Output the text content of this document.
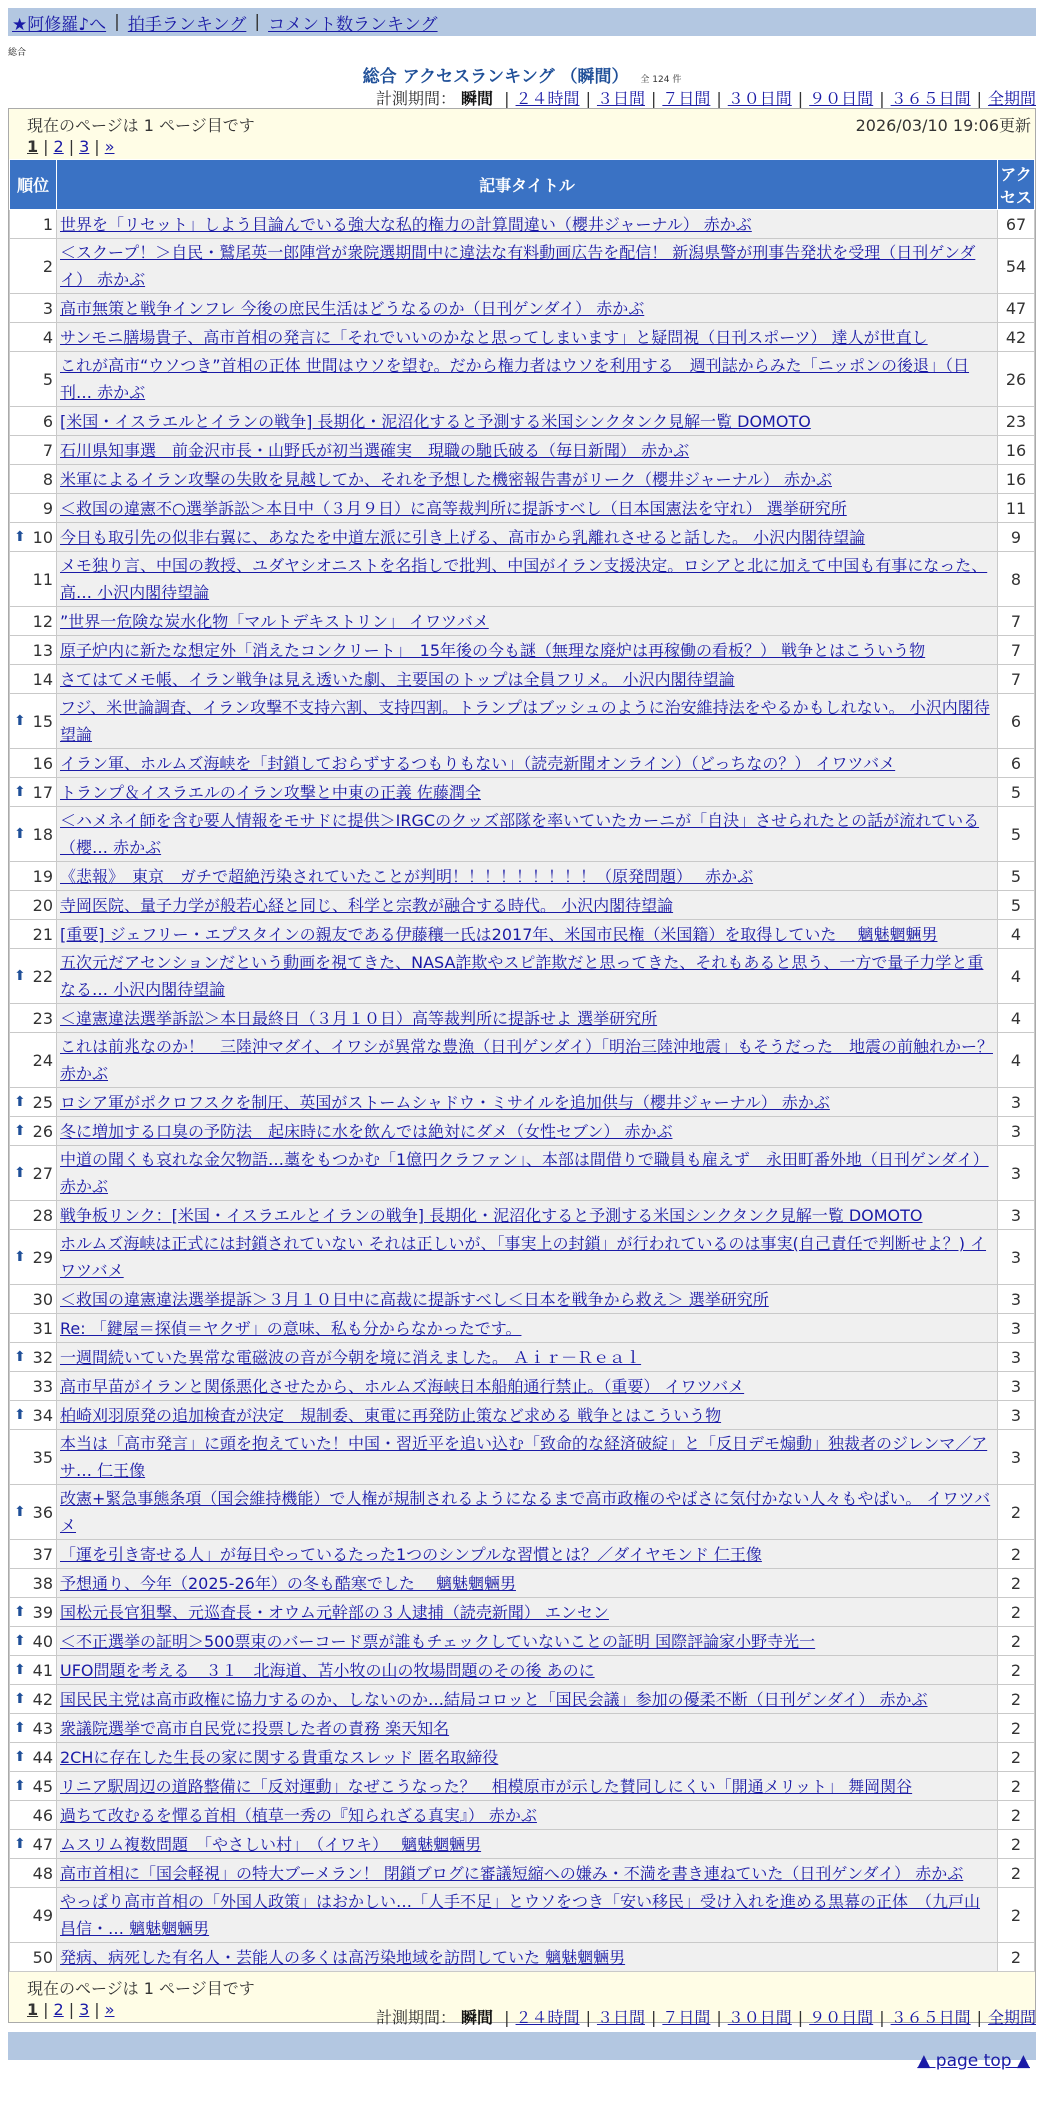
★阿修羅♪へ | 拍手ランキング | コメント数ランキング
総合
総合 アクセスランキング （瞬間） 全 124 件
計測期間： 瞬間 | ２４時間 | ３日間 | ７日間 | ３０日間 | ９０日間 | ３６５日間 | 全期間
現在のページは 1 ページ目です	2026/03/10 19:06更新
1 | 2 | 3 | »
順位	記事タイトル	アクセス
1	世界を「リセット」しよう目論んでいる強大な私的権力の計算間違い（櫻井ジャーナル） 赤かぶ	67
2	＜スクープ！＞自民・鷲尾英一郎陣営が衆院選期間中に違法な有料動画広告を配信！ 新潟県警が刑事告発状を受理（日刊ゲンダイ） 赤かぶ	54
3	高市無策と戦争インフレ 今後の庶民生活はどうなるのか（日刊ゲンダイ） 赤かぶ	47
4	サンモニ膳場貴子、高市首相の発言に「それでいいのかなと思ってしまいます」と疑問視（日刊スポーツ） 達人が世直し	42
5	これが高市“ウソつき”首相の正体 世間はウソを望む。だから権力者はウソを利用する　週刊誌からみた「ニッポンの後退」（日刊… 赤かぶ	26
6	[米国・イスラエルとイランの戦争] 長期化・泥沼化すると予測する米国シンクタンク見解一覧 DOMOTO	23
7	石川県知事選　前金沢市長・山野氏が初当選確実　現職の馳氏破る（毎日新聞） 赤かぶ	16
8	米軍によるイラン攻撃の失敗を見越してか、それを予想した機密報告書がリーク（櫻井ジャーナル） 赤かぶ	16
9	＜救国の違憲不○選挙訴訟＞本日中（３月９日）に高等裁判所に提訴すべし（日本国憲法を守れ） 選挙研究所	11

⬆ 10	今日も取引先の似非右翼に、あなたを中道左派に引き上げる、高市から乳離れさせると話した。 小沢内閣待望論	9
11	メモ独り言、中国の教授、ユダヤシオニストを名指しで批判、中国がイラン支援決定。ロシアと北に加えて中国も有事になった、高… 小沢内閣待望論	8
12	”世界一危険な炭水化物「マルトデキストリン」 イワツバメ	7
13	原子炉内に新たな想定外「消えたコンクリート」　15年後の今も謎（無理な廃炉は再稼働の看板？） 戦争とはこういう物	7
14	さてはてメモ帳、イラン戦争は見え透いた劇、主要国のトップは全員フリメ。 小沢内閣待望論	7

⬆ 15	フジ、米世論調査、イラン攻撃不支持六割、支持四割。トランプはブッシュのように治安維持法をやるかもしれない。 小沢内閣待望論	6
16	イラン軍、ホルムズ海峡を「封鎖しておらずするつもりもない」（読売新聞オンライン）（どっちなの？） イワツバメ	6

⬆ 17	トランプ＆イスラエルのイラン攻撃と中東の正義 佐藤潤全	5

⬆ 18	＜ハメネイ師を含む要人情報をモサドに提供＞IRGCのクッズ部隊を率いていたカーニが「自決」させられたとの話が流れている（櫻… 赤かぶ	5
19	《悲報》　東京　ガチで超絶汚染されていたことが判明！！！！！！！！！（原発問題）　 赤かぶ	5
20	寺岡医院、量子力学が般若心経と同じ、科学と宗教が融合する時代。 小沢内閣待望論	5
21	[重要] ジェフリー・エプスタインの親友である伊藤穰一氏は2017年、米国市民権（米国籍）を取得していた　 魑魅魍魎男	4

⬆ 22	五次元だアセンションだという動画を視てきた、NASA詐欺やスピ詐欺だと思ってきた、それもあると思う、一方で量子力学と重なる… 小沢内閣待望論	4
23	＜違憲違法選挙訴訟＞本日最終日（３月１０日）高等裁判所に提訴せよ 選挙研究所	4
24	これは前兆なのか！　三陸沖マダイ、イワシが異常な豊漁（日刊ゲンダイ）「明治三陸沖地震」もそうだった　地震の前触れかー？ 赤かぶ	4

⬆ 25	ロシア軍がポクロフスクを制圧、英国がストームシャドウ・ミサイルを追加供与（櫻井ジャーナル） 赤かぶ	3

⬆ 26	冬に増加する口臭の予防法　起床時に水を飲んでは絶対にダメ（女性セブン） 赤かぶ	3

⬆ 27	中道の聞くも哀れな金欠物語…藁をもつかむ「1億円クラファン」、本部は間借りで職員も雇えず　永田町番外地（日刊ゲンダイ） 赤かぶ	3
28	戦争板リンク：[米国・イスラエルとイランの戦争] 長期化・泥沼化すると予測する米国シンクタンク見解一覧 DOMOTO	3

⬆ 29	ホルムズ海峡は正式には封鎖されていない それは正しいが、「事実上の封鎖」が行われているのは事実(自己責任で判断せよ？) イワツバメ	3
30	＜救国の違憲違法選挙提訴＞３月１０日中に高裁に提訴すべし＜日本を戦争から救え＞ 選挙研究所	3
31	Re: 「鍵屋＝探偵＝ヤクザ」の意味、私も分からなかったです。	3

⬆ 32	一週間続いていた異常な電磁波の音が今朝を境に消えました。 Ａｉｒ－Ｒｅａｌ	3
33	高市早苗がイランと関係悪化させたから、ホルムズ海峡日本船舶通行禁止。（重要） イワツバメ	3

⬆ 34	柏崎刈羽原発の追加検査が決定　規制委、東電に再発防止策など求める 戦争とはこういう物	3
35	本当は「高市発言」に頭を抱えていた！中国・習近平を追い込む「致命的な経済破綻」と「反日デモ煽動」独裁者のジレンマ／アサ… 仁王像	3

⬆ 36	改憲+緊急事態条項（国会維持機能）で人権が規制されるようになるまで高市政権のやばさに気付かない人々もやばい。 イワツバメ	2
37	「運を引き寄せる人」が毎日やっているたった1つのシンプルな習慣とは？／ダイヤモンド 仁王像	2
38	予想通り、今年（2025-26年）の冬も酷寒でした　 魑魅魍魎男	2

⬆ 39	国松元長官狙撃、元巡査長・オウム元幹部の３人逮捕（読売新聞） エンセン	2

⬆ 40	＜不正選挙の証明＞500票束のバーコード票が誰もチェックしていないことの証明 国際評論家小野寺光一	2

⬆ 41	UFO問題を考える　３１　北海道、苫小牧の山の牧場問題のその後 あのに	2

⬆ 42	国民民主党は高市政権に協力するのか、しないのか…結局コロッと「国民会議」参加の優柔不断（日刊ゲンダイ） 赤かぶ	2

⬆ 43	衆議院選挙で高市自民党に投票した者の責務 楽天知名	2

⬆ 44	2CHに存在した生長の家に関する貴重なスレッド 匿名取締役	2

⬆ 45	リニア駅周辺の道路整備に「反対運動」なぜこうなった？　相模原市が示した賛同しにくい「開通メリット」 舞岡関谷	2
46	過ちて改むるを憚る首相（植草一秀の『知られざる真実』） 赤かぶ	2

⬆ 47	ムスリム複数問題　「やさしい村」　（イワキ）　 魑魅魍魎男	2
48	高市首相に「国会軽視」の特大ブーメラン！ 閉鎖ブログに審議短縮への嫌み・不満を書き連ねていた（日刊ゲンダイ） 赤かぶ	2
49	やっぱり高市首相の「外国人政策」はおかしい…「人手不足」とウソをつき「安い移民」受け入れを進める黒幕の正体　（九戸山 昌信・… 魑魅魍魎男	2
50	発病、病死した有名人・芸能人の多くは高汚染地域を訪問していた 魑魅魍魎男	2
現在のページは 1 ページ目です
1 | 2 | 3 | »	計測期間： 瞬間 | ２４時間 | ３日間 | ７日間 | ３０日間 | ９０日間 | ３６５日間 | 全期間
▲ page top ▲
